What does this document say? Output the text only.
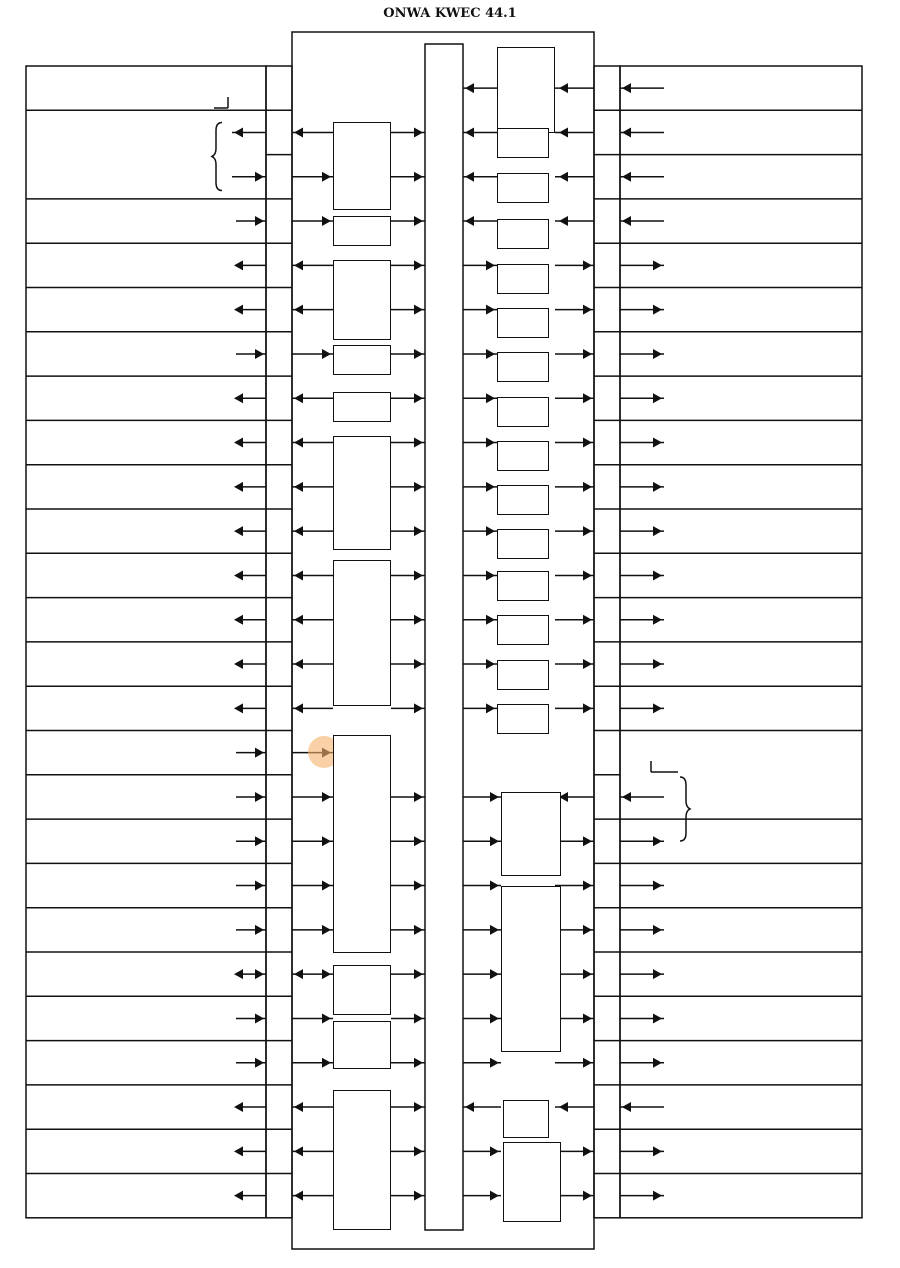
ONWA KWEC 44.1
